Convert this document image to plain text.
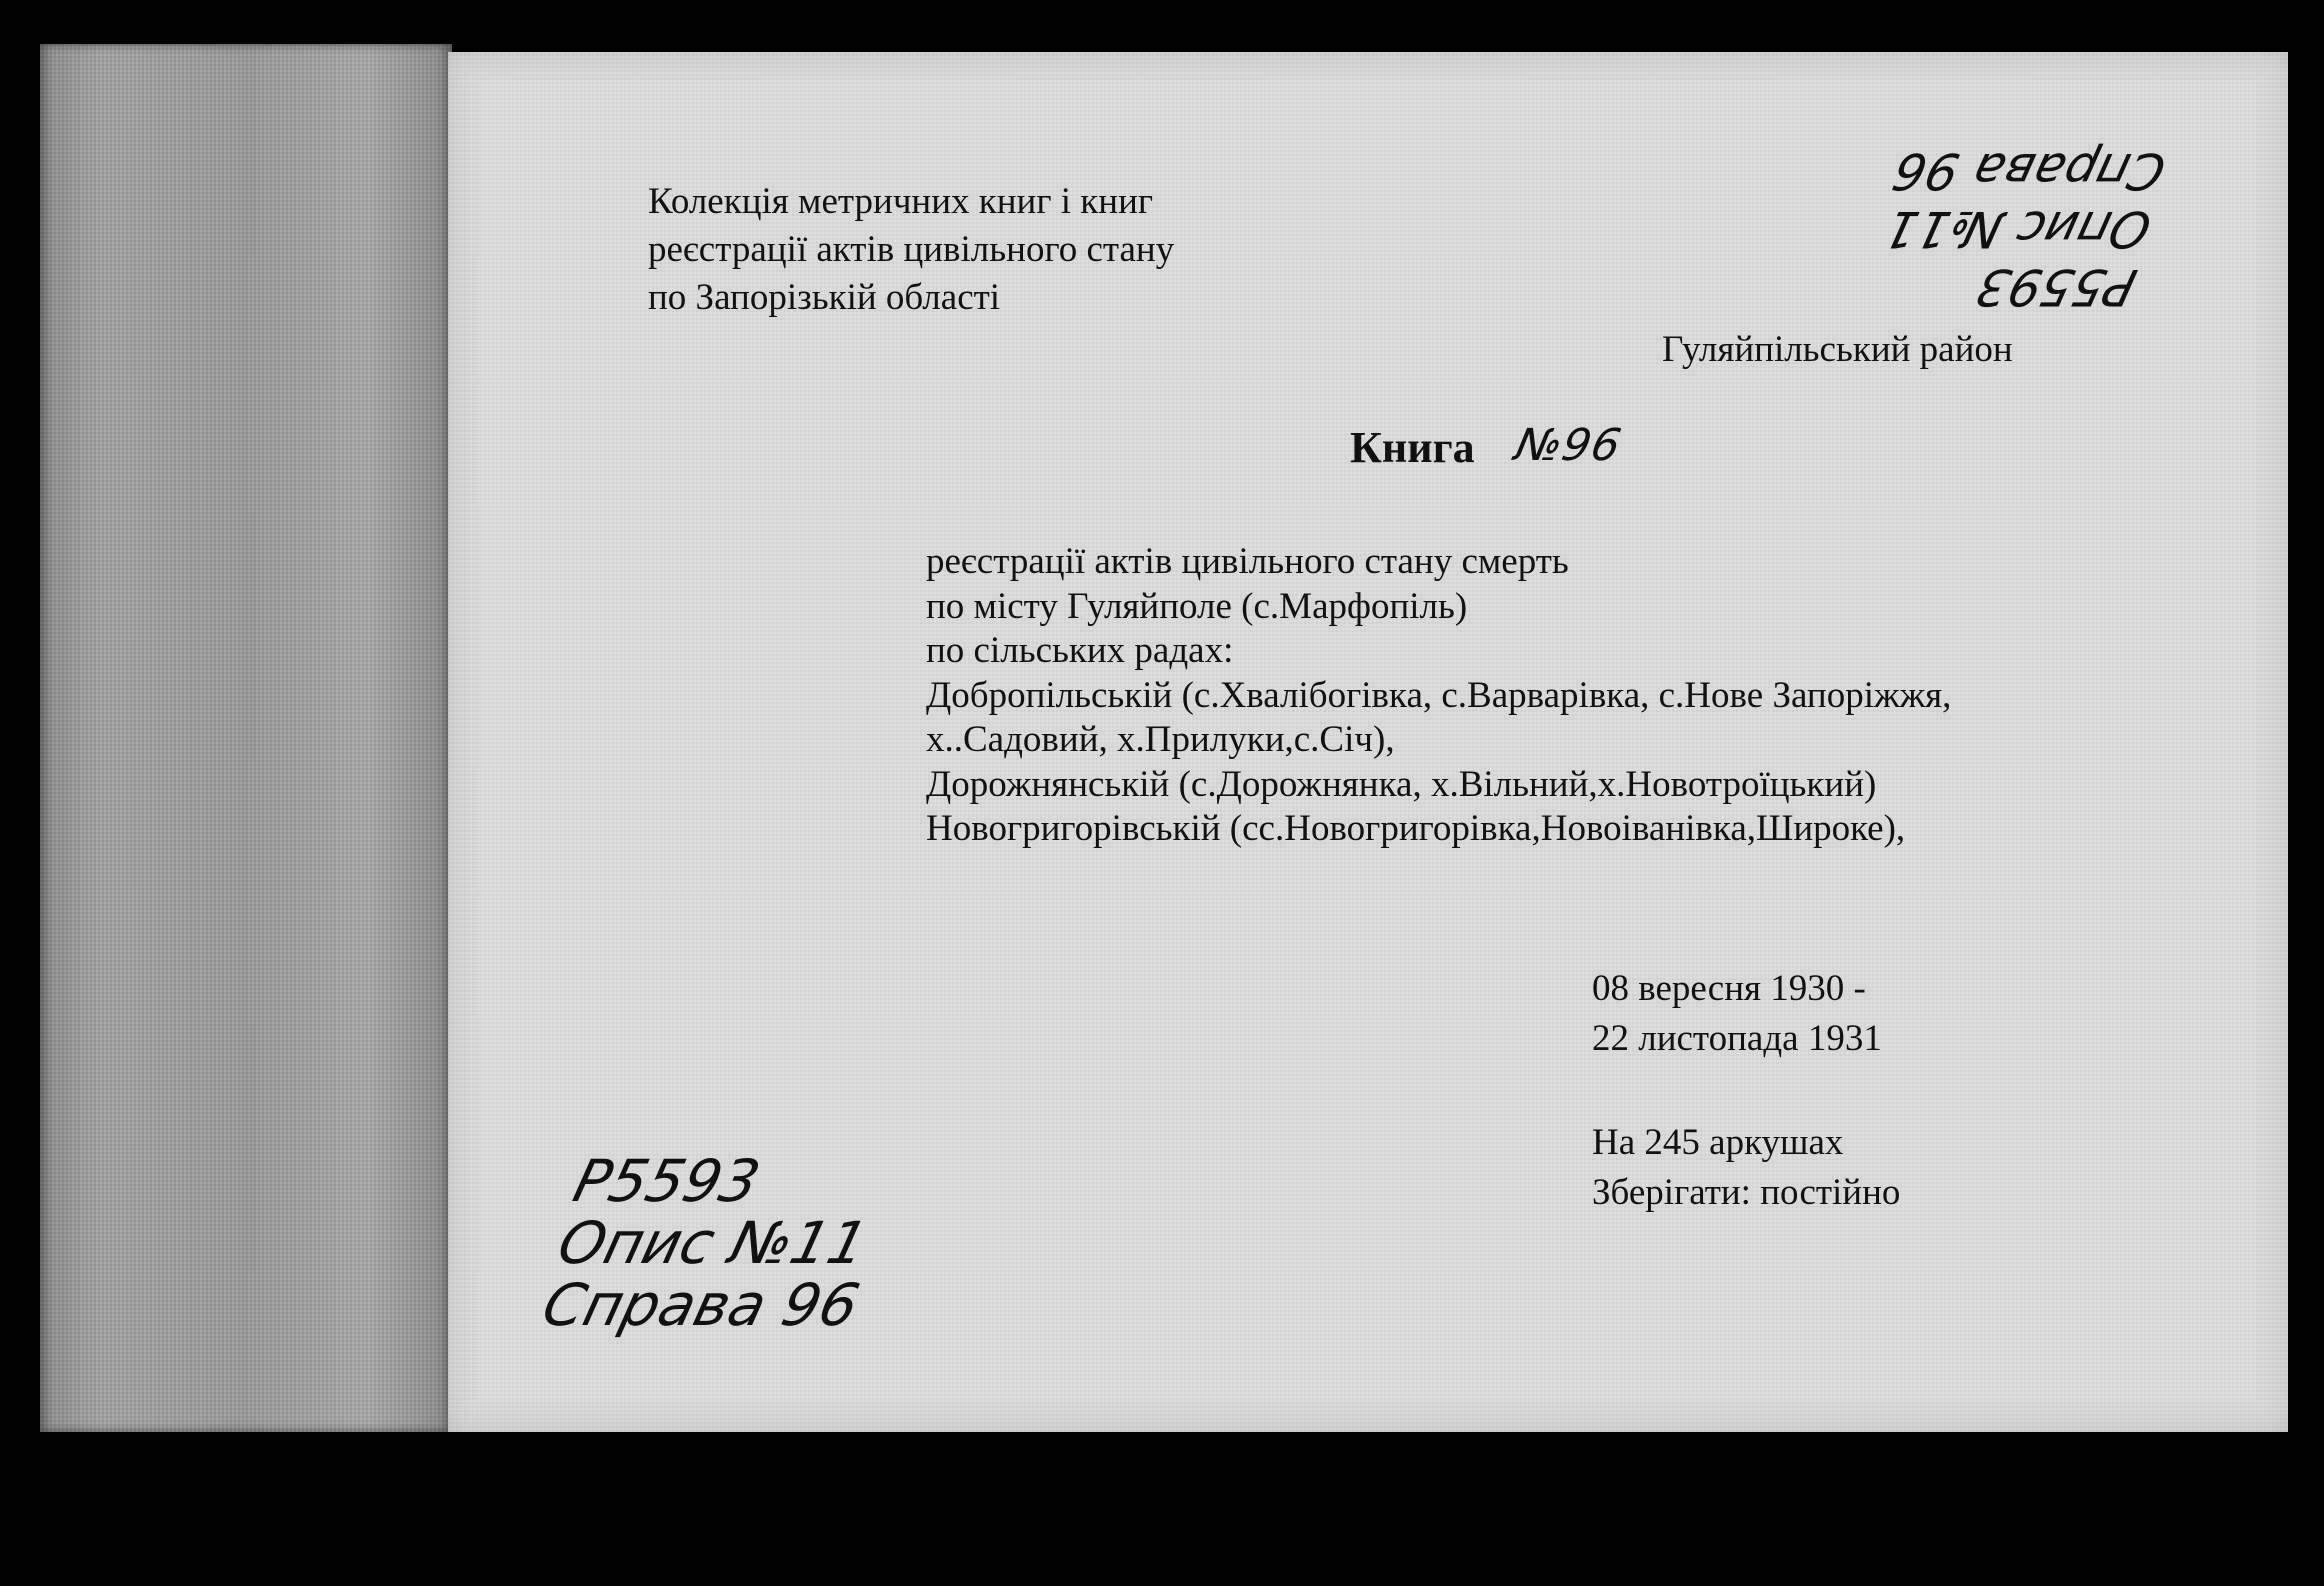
Колекція метричних книг і книг
реєстрації актів цивільного стану
по Запорізькій області	Р5593
Опис №11
Справа 96
Гуляйпільський район
Книга №96
реєстрації актів цивільного стану смерть
по місту Гуляйполе (с.Марфопіль)
по сільських радах:
Добропільській (с.Хвалібогівка, с.Варварівка, с.Нове Запоріжжя,
х..Садовий, х.Прилуки,с.Січ),
Дорожнянській (с.Дорожнянка, х.Вільний,х.Новотроїцький)
Новогригорівській (сс.Новогригорівка,Новоіванівка,Широке),
08 вересня 1930 -
22 листопада 1931
На 245 аркушах
Зберігати: постійно
Р5593
Опис №11
Справа 96
